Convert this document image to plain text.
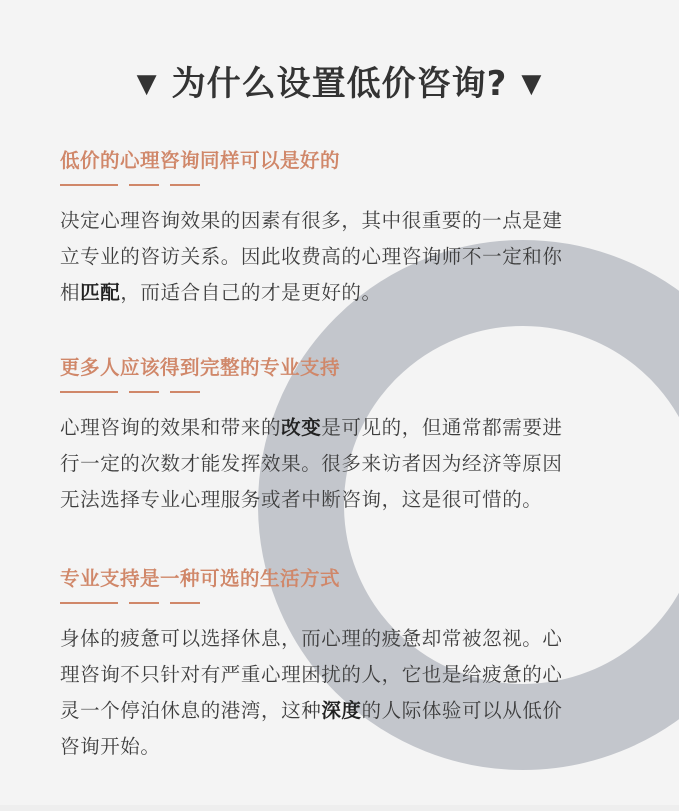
▼ 为什么设置低价咨询? ▼
低价的心理咨询同样可以是好的
决定心理咨询效果的因素有很多，其中很重要的一点是建
立专业的咨访关系。因此收费高的心理咨询师不一定和你
相匹配，而适合自己的才是更好的。
更多人应该得到完整的专业支持
心理咨询的效果和带来的改变是可见的，但通常都需要进
行一定的次数才能发挥效果。很多来访者因为经济等原因
无法选择专业心理服务或者中断咨询，这是很可惜的。
专业支持是一种可选的生活方式
身体的疲惫可以选择休息，而心理的疲惫却常被忽视。心
理咨询不只针对有严重心理困扰的人，它也是给疲惫的心
灵一个停泊休息的港湾，这种深度的人际体验可以从低价
咨询开始。
